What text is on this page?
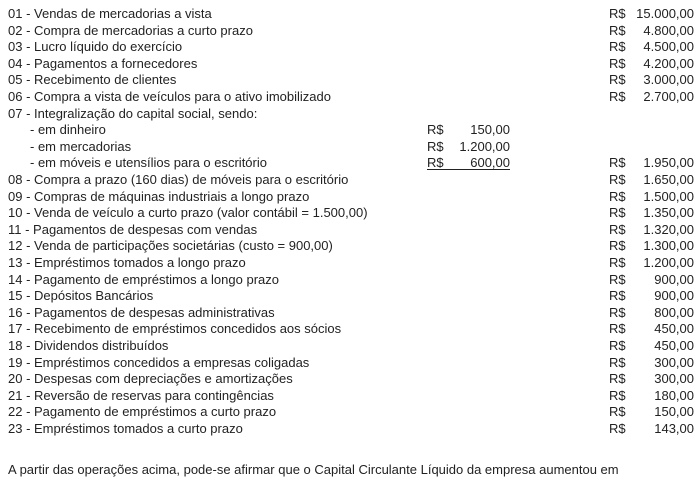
01 - Vendas de mercadorias a vista	R$ 15.000,00
02 - Compra de mercadorias a curto prazo	R$ 4.800,00
03 - Lucro líquido do exercício	R$ 4.500,00
04 - Pagamentos a fornecedores	R$ 4.200,00
05 - Recebimento de clientes	R$ 3.000,00
06 - Compra a vista de veículos para o ativo imobilizado	R$ 2.700,00
07 - Integralização do capital social, sendo:
- em dinheiro	R$	150,00
- em mercadorias	R$	1.200,00
- em móveis e utensílios para o escritório	R$	600,00	R$ 1.950,00
08 - Compra a prazo (160 dias) de móveis para o escritório	R$ 1.650,00
09 - Compras de máquinas industriais a longo prazo	R$ 1.500,00
10 - Venda de veículo a curto prazo (valor contábil = 1.500,00)	R$ 1.350,00
11 - Pagamentos de despesas com vendas	R$ 1.320,00
12 - Venda de participações societárias (custo = 900,00)	R$ 1.300,00
13 - Empréstimos tomados a longo prazo	R$ 1.200,00
14 - Pagamento de empréstimos a longo prazo	R$ 900,00
15 - Depósitos Bancários	R$ 900,00
16 - Pagamentos de despesas administrativas	R$ 800,00
17 - Recebimento de empréstimos concedidos aos sócios	R$ 450,00
18 - Dividendos distribuídos	R$ 450,00
19 - Empréstimos concedidos a empresas coligadas	R$ 300,00
20 - Despesas com depreciações e amortizações	R$ 300,00
21 - Reversão de reservas para contingências	R$ 180,00
22 - Pagamento de empréstimos a curto prazo	R$ 150,00
23 - Empréstimos tomados a curto prazo	R$ 143,00
A partir das operações acima, pode-se afirmar que o Capital Circulante Líquido da empresa aumentou em
